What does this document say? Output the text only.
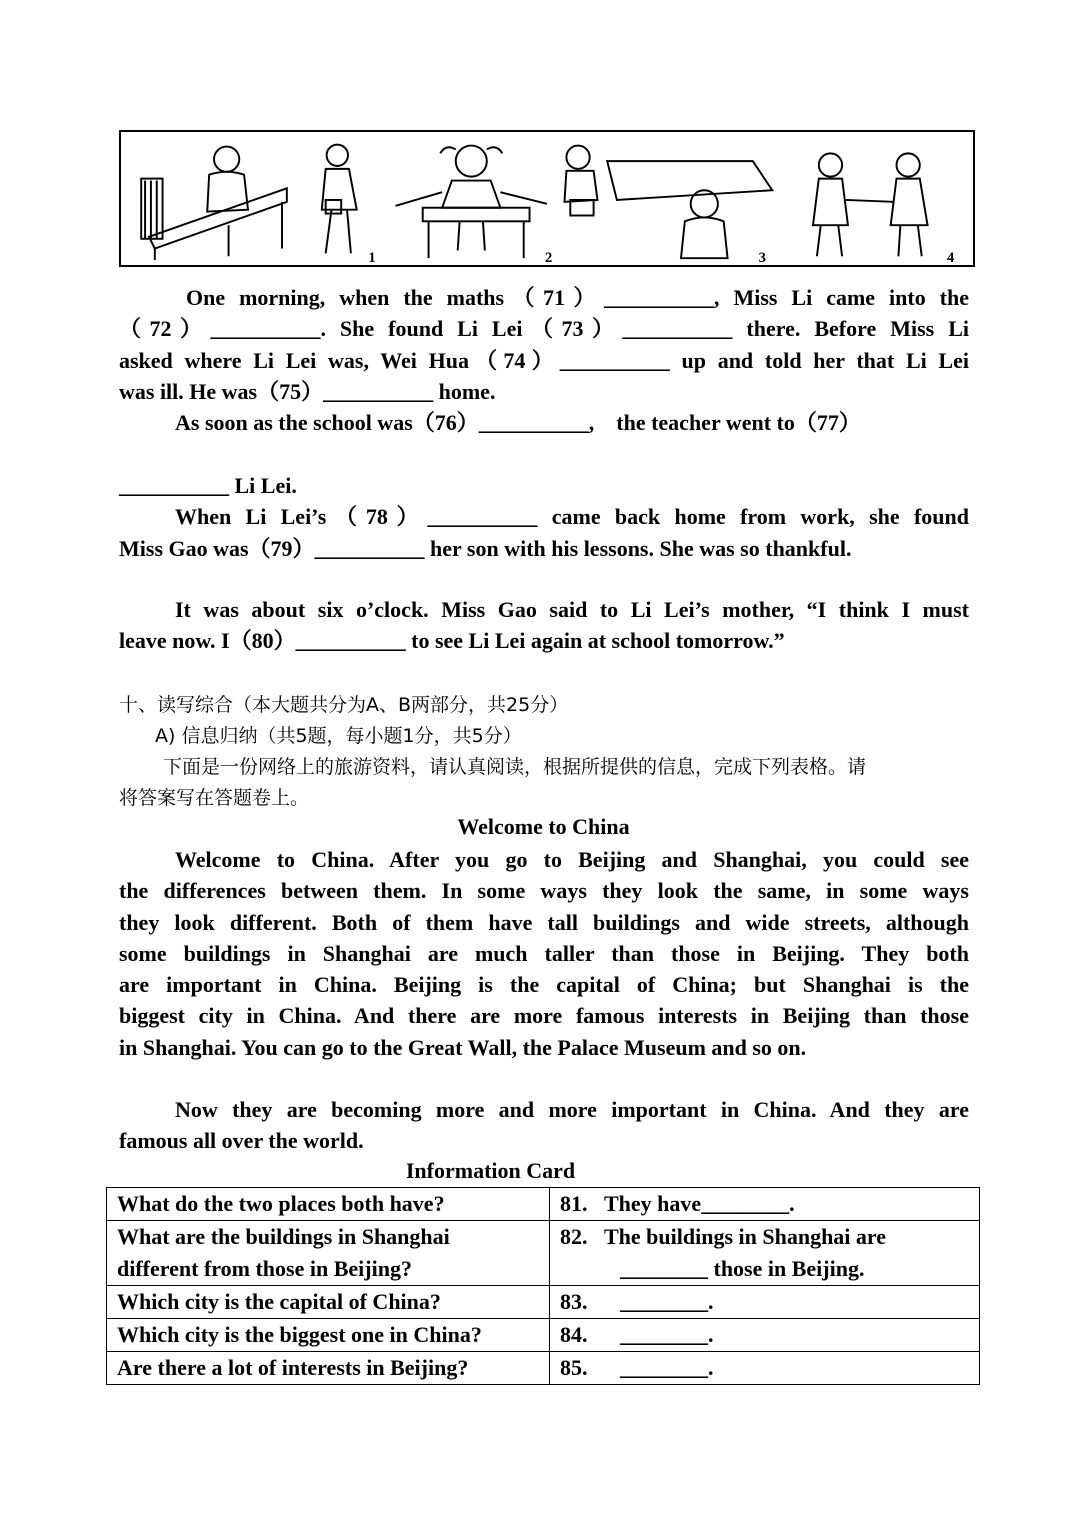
1	2	3	4
One morning, when the maths（71）__________, Miss Li came into the
（72）__________. She found Li Lei（73）__________ there. Before Miss Li
asked where Li Lei was, Wei Hua（74）__________ up and told her that Li Lei
was ill. He was（75）__________ home.
As soon as the school was（76）__________,    the teacher went to（77）
__________ Li Lei.
When Li Lei’s（78）__________ came back home from work, she found
Miss Gao was（79）__________ her son with his lessons. She was so thankful.
It was about six o’clock. Miss Gao said to Li Lei’s mother, “I think I must
leave now. I（80）__________ to see Li Lei again at school tomorrow.”
十、读写综合（本大题共分为A、B两部分，共25分）
A) 信息归纳（共5题，每小题1分，共5分）
下面是一份网络上的旅游资料，请认真阅读，根据所提供的信息，完成下列表格。请
将答案写在答题卷上。
Welcome to China
Welcome to China. After you go to Beijing and Shanghai, you could see
the differences between them. In some ways they look the same, in some ways
they look different. Both of them have tall buildings and wide streets, although
some buildings in Shanghai are much taller than those in Beijing. They both
are important in China. Beijing is the capital of China; but Shanghai is the
biggest city in China. And there are more famous interests in Beijing than those
in Shanghai. You can go to the Great Wall, the Palace Museum and so on.
Now they are becoming more and more important in China. And they are
famous all over the world.
Information Card
What do the two places both have?	81. They have________.

What are the buildings in Shanghai
different from those in Beijing?	82. The buildings in Shanghai are
________ those in Beijing.

Which city is the capital of China?	83. ________.
Which city is the biggest one in China?	84. ________.
Are there a lot of interests in Beijing?	85. ________.
